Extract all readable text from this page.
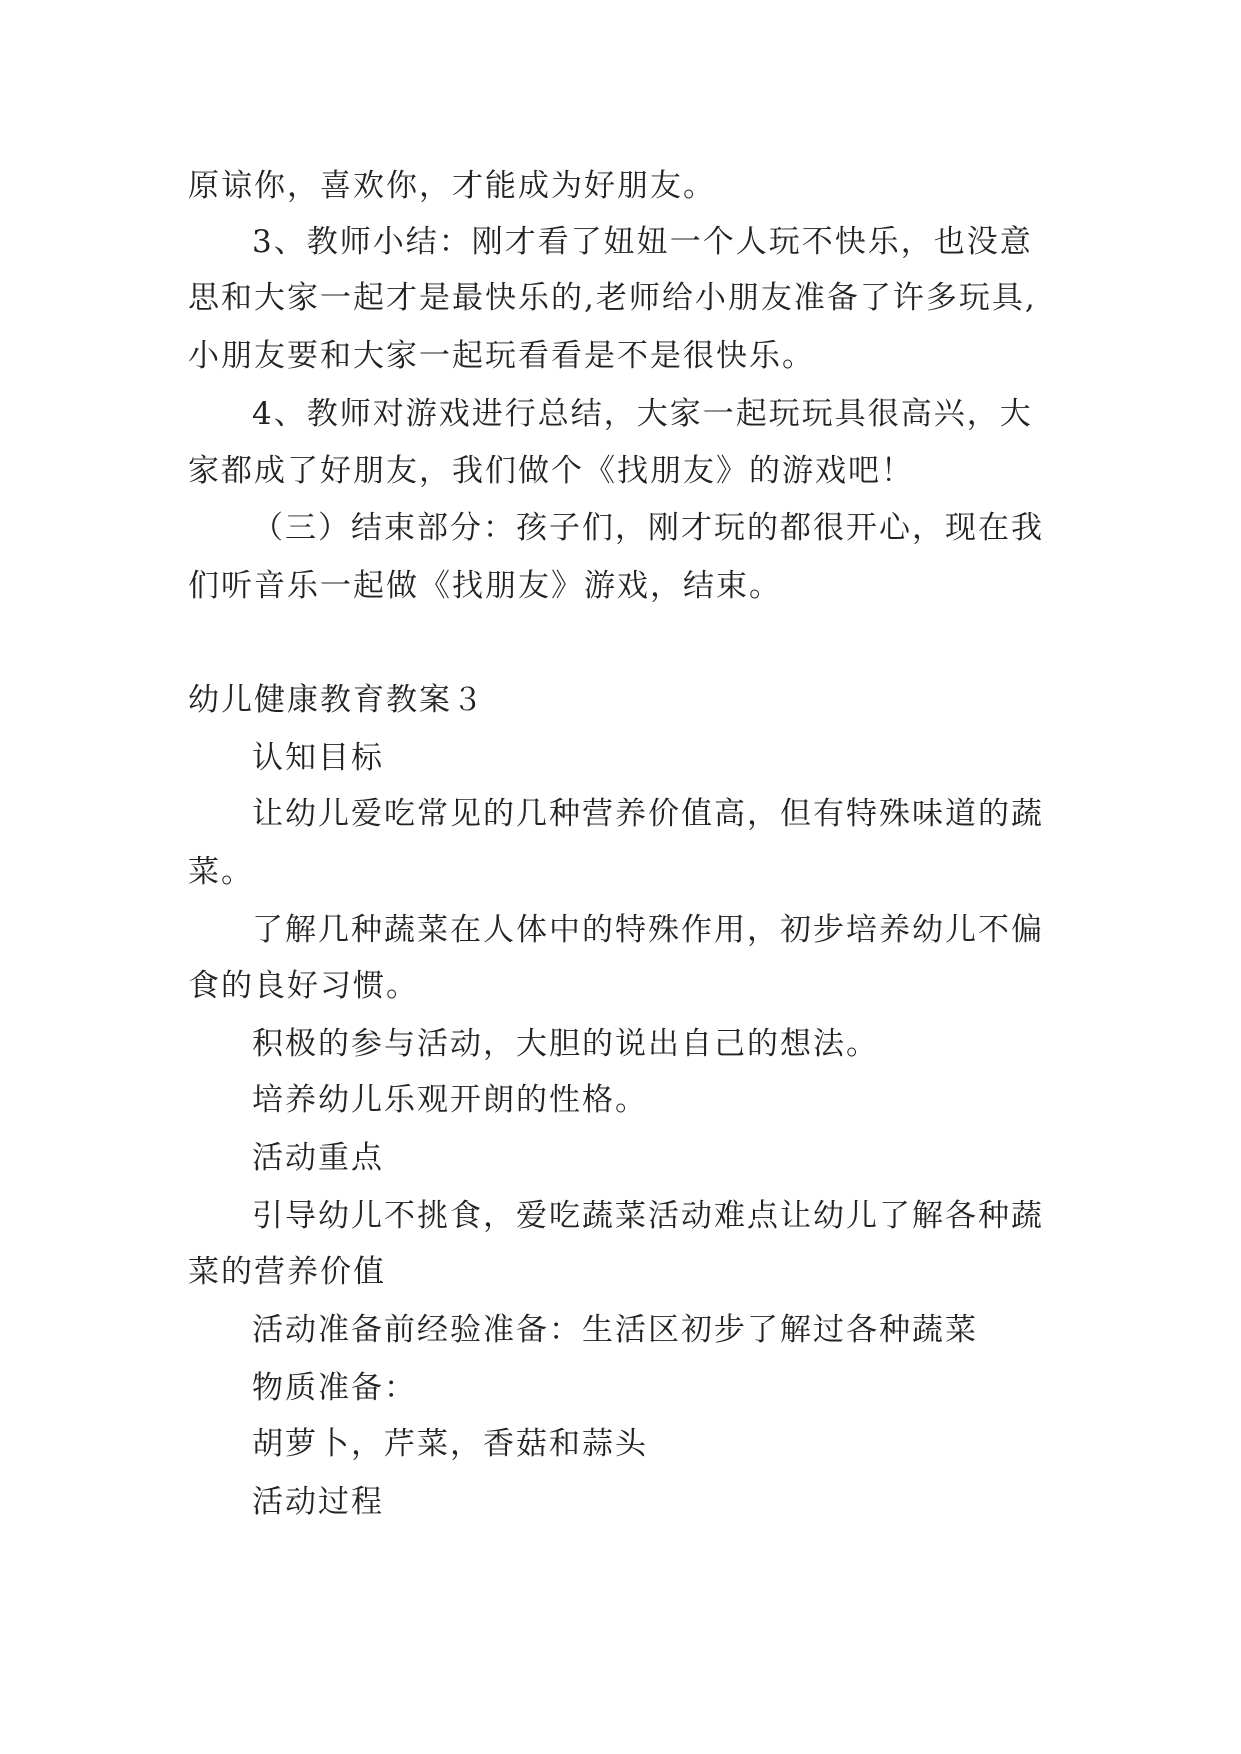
原谅你，喜欢你，才能成为好朋友。
3、教师小结：刚才看了妞妞一个人玩不快乐，也没意
思和大家一起才是最快乐的,老师给小朋友准备了许多玩具,
小朋友要和大家一起玩看看是不是很快乐。
4、教师对游戏进行总结，大家一起玩玩具很高兴，大
家都成了好朋友，我们做个《找朋友》的游戏吧！
（三）结束部分：孩子们，刚才玩的都很开心，现在我
们听音乐一起做《找朋友》游戏，结束。
幼儿健康教育教案３
认知目标
让幼儿爱吃常见的几种营养价值高，但有特殊味道的蔬
菜。
了解几种蔬菜在人体中的特殊作用，初步培养幼儿不偏
食的良好习惯。
积极的参与活动，大胆的说出自己的想法。
培养幼儿乐观开朗的性格。
活动重点
引导幼儿不挑食，爱吃蔬菜活动难点让幼儿了解各种蔬
菜的营养价值
活动准备前经验准备：生活区初步了解过各种蔬菜
物质准备：
胡萝卜，芹菜，香菇和蒜头
活动过程
